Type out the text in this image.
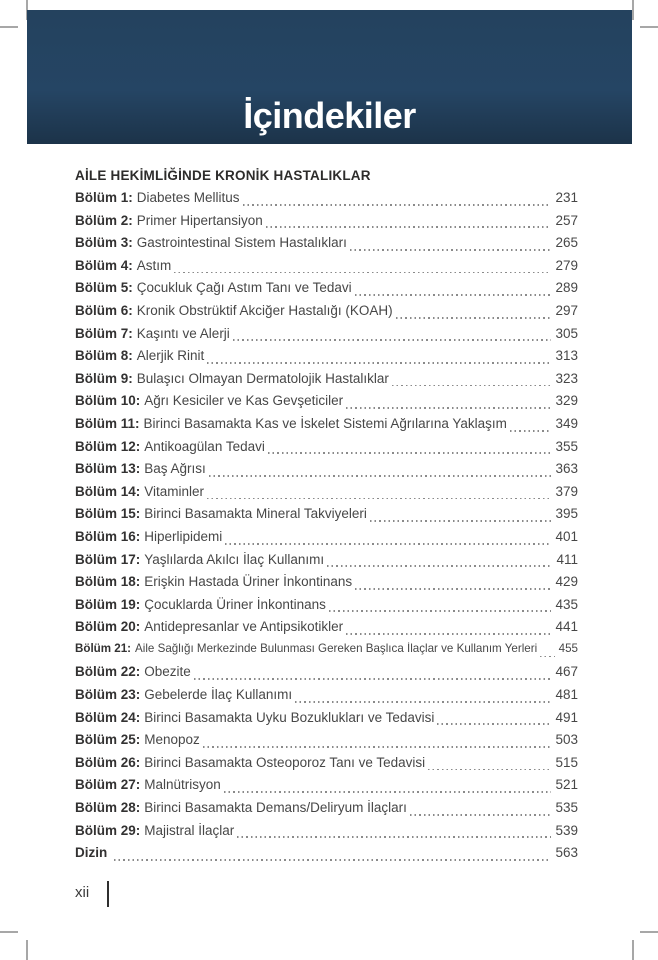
İçindekiler
AİLE HEKİMLİĞİNDE KRONİK HASTALIKLAR
Bölüm 1: Diabetes Mellitus	231
Bölüm 2: Primer Hipertansiyon	257
Bölüm 3: Gastrointestinal Sistem Hastalıkları	265
Bölüm 4: Astım	279
Bölüm 5: Çocukluk Çağı Astım Tanı ve Tedavi	289
Bölüm 6: Kronik Obstrüktif Akciğer Hastalığı (KOAH)	297
Bölüm 7: Kaşıntı ve Alerji	305
Bölüm 8: Alerjik Rinit	313
Bölüm 9: Bulaşıcı Olmayan Dermatolojik Hastalıklar	323
Bölüm 10: Ağrı Kesiciler ve Kas Gevşeticiler	329
Bölüm 11: Birinci Basamakta Kas ve İskelet Sistemi Ağrılarına Yaklaşım	349
Bölüm 12: Antikoagülan Tedavi	355
Bölüm 13: Baş Ağrısı	363
Bölüm 14: Vitaminler	379
Bölüm 15: Birinci Basamakta Mineral Takviyeleri	395
Bölüm 16: Hiperlipidemi	401
Bölüm 17: Yaşlılarda Akılcı İlaç Kullanımı	411
Bölüm 18: Erişkin Hastada Üriner İnkontinans	429
Bölüm 19: Çocuklarda Üriner İnkontinans	435
Bölüm 20: Antidepresanlar ve Antipsikotikler	441
Bölüm 21: Aile Sağlığı Merkezinde Bulunması Gereken Başlıca İlaçlar ve Kullanım Yerleri 455
Bölüm 22: Obezite	467
Bölüm 23: Gebelerde İlaç Kullanımı	481
Bölüm 24: Birinci Basamakta Uyku Bozuklukları ve Tedavisi	491
Bölüm 25: Menopoz	503
Bölüm 26: Birinci Basamakta Osteoporoz Tanı ve Tedavisi	515
Bölüm 27: Malnütrisyon	521
Bölüm 28: Birinci Basamakta Demans/Deliryum İlaçları	535
Bölüm 29: Majistral İlaçlar	539
Dizin	563
xii
